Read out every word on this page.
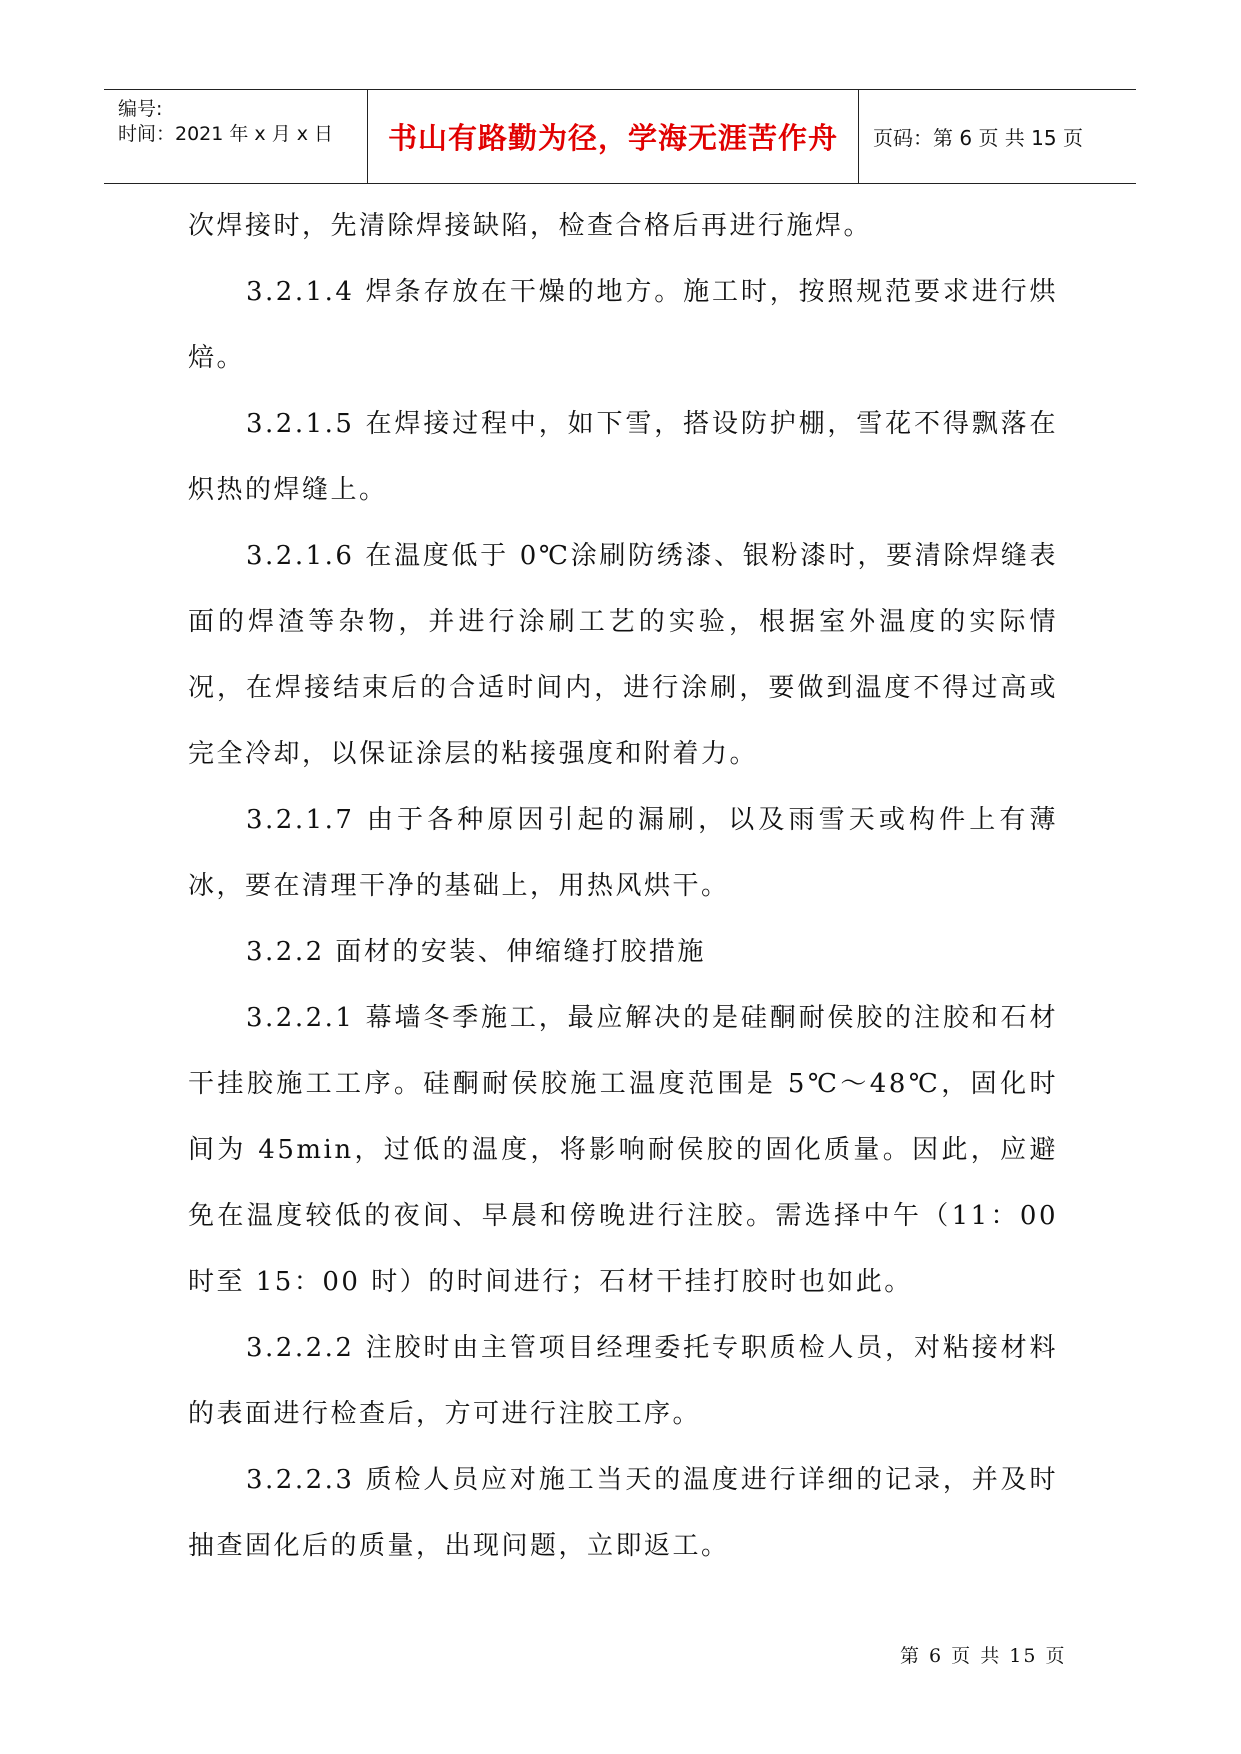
编号:
时间：2021 年 x 月 x 日	书山有路勤为径，学海无涯苦作舟	页码：第 6 页 共 15 页

次焊接时，先清除焊接缺陷，检查合格后再进行施焊。

3.2.1.4 焊条存放在干燥的地方。施工时，按照规范要求进行烘焙。

3.2.1.5 在焊接过程中，如下雪，搭设防护棚，雪花不得飘落在炽热的焊缝上。

3.2.1.6 在温度低于 0℃涂刷防绣漆、银粉漆时，要清除焊缝表面的焊渣等杂物，并进行涂刷工艺的实验，根据室外温度的实际情况，在焊接结束后的合适时间内，进行涂刷，要做到温度不得过高或完全冷却，以保证涂层的粘接强度和附着力。

3.2.1.7 由于各种原因引起的漏刷，以及雨雪天或构件上有薄冰，要在清理干净的基础上，用热风烘干。

3.2.2 面材的安装、伸缩缝打胶措施

3.2.2.1 幕墙冬季施工，最应解决的是硅酮耐侯胶的注胶和石材干挂胶施工工序。硅酮耐侯胶施工温度范围是 5℃～48℃，固化时间为 45min，过低的温度，将影响耐侯胶的固化质量。因此，应避免在温度较低的夜间、早晨和傍晚进行注胶。需选择中午（11：00 时至 15：00 时）的时间进行；石材干挂打胶时也如此。

3.2.2.2 注胶时由主管项目经理委托专职质检人员，对粘接材料的表面进行检查后，方可进行注胶工序。

3.2.2.3 质检人员应对施工当天的温度进行详细的记录，并及时抽查固化后的质量，出现问题，立即返工。

第 6 页 共 15 页
